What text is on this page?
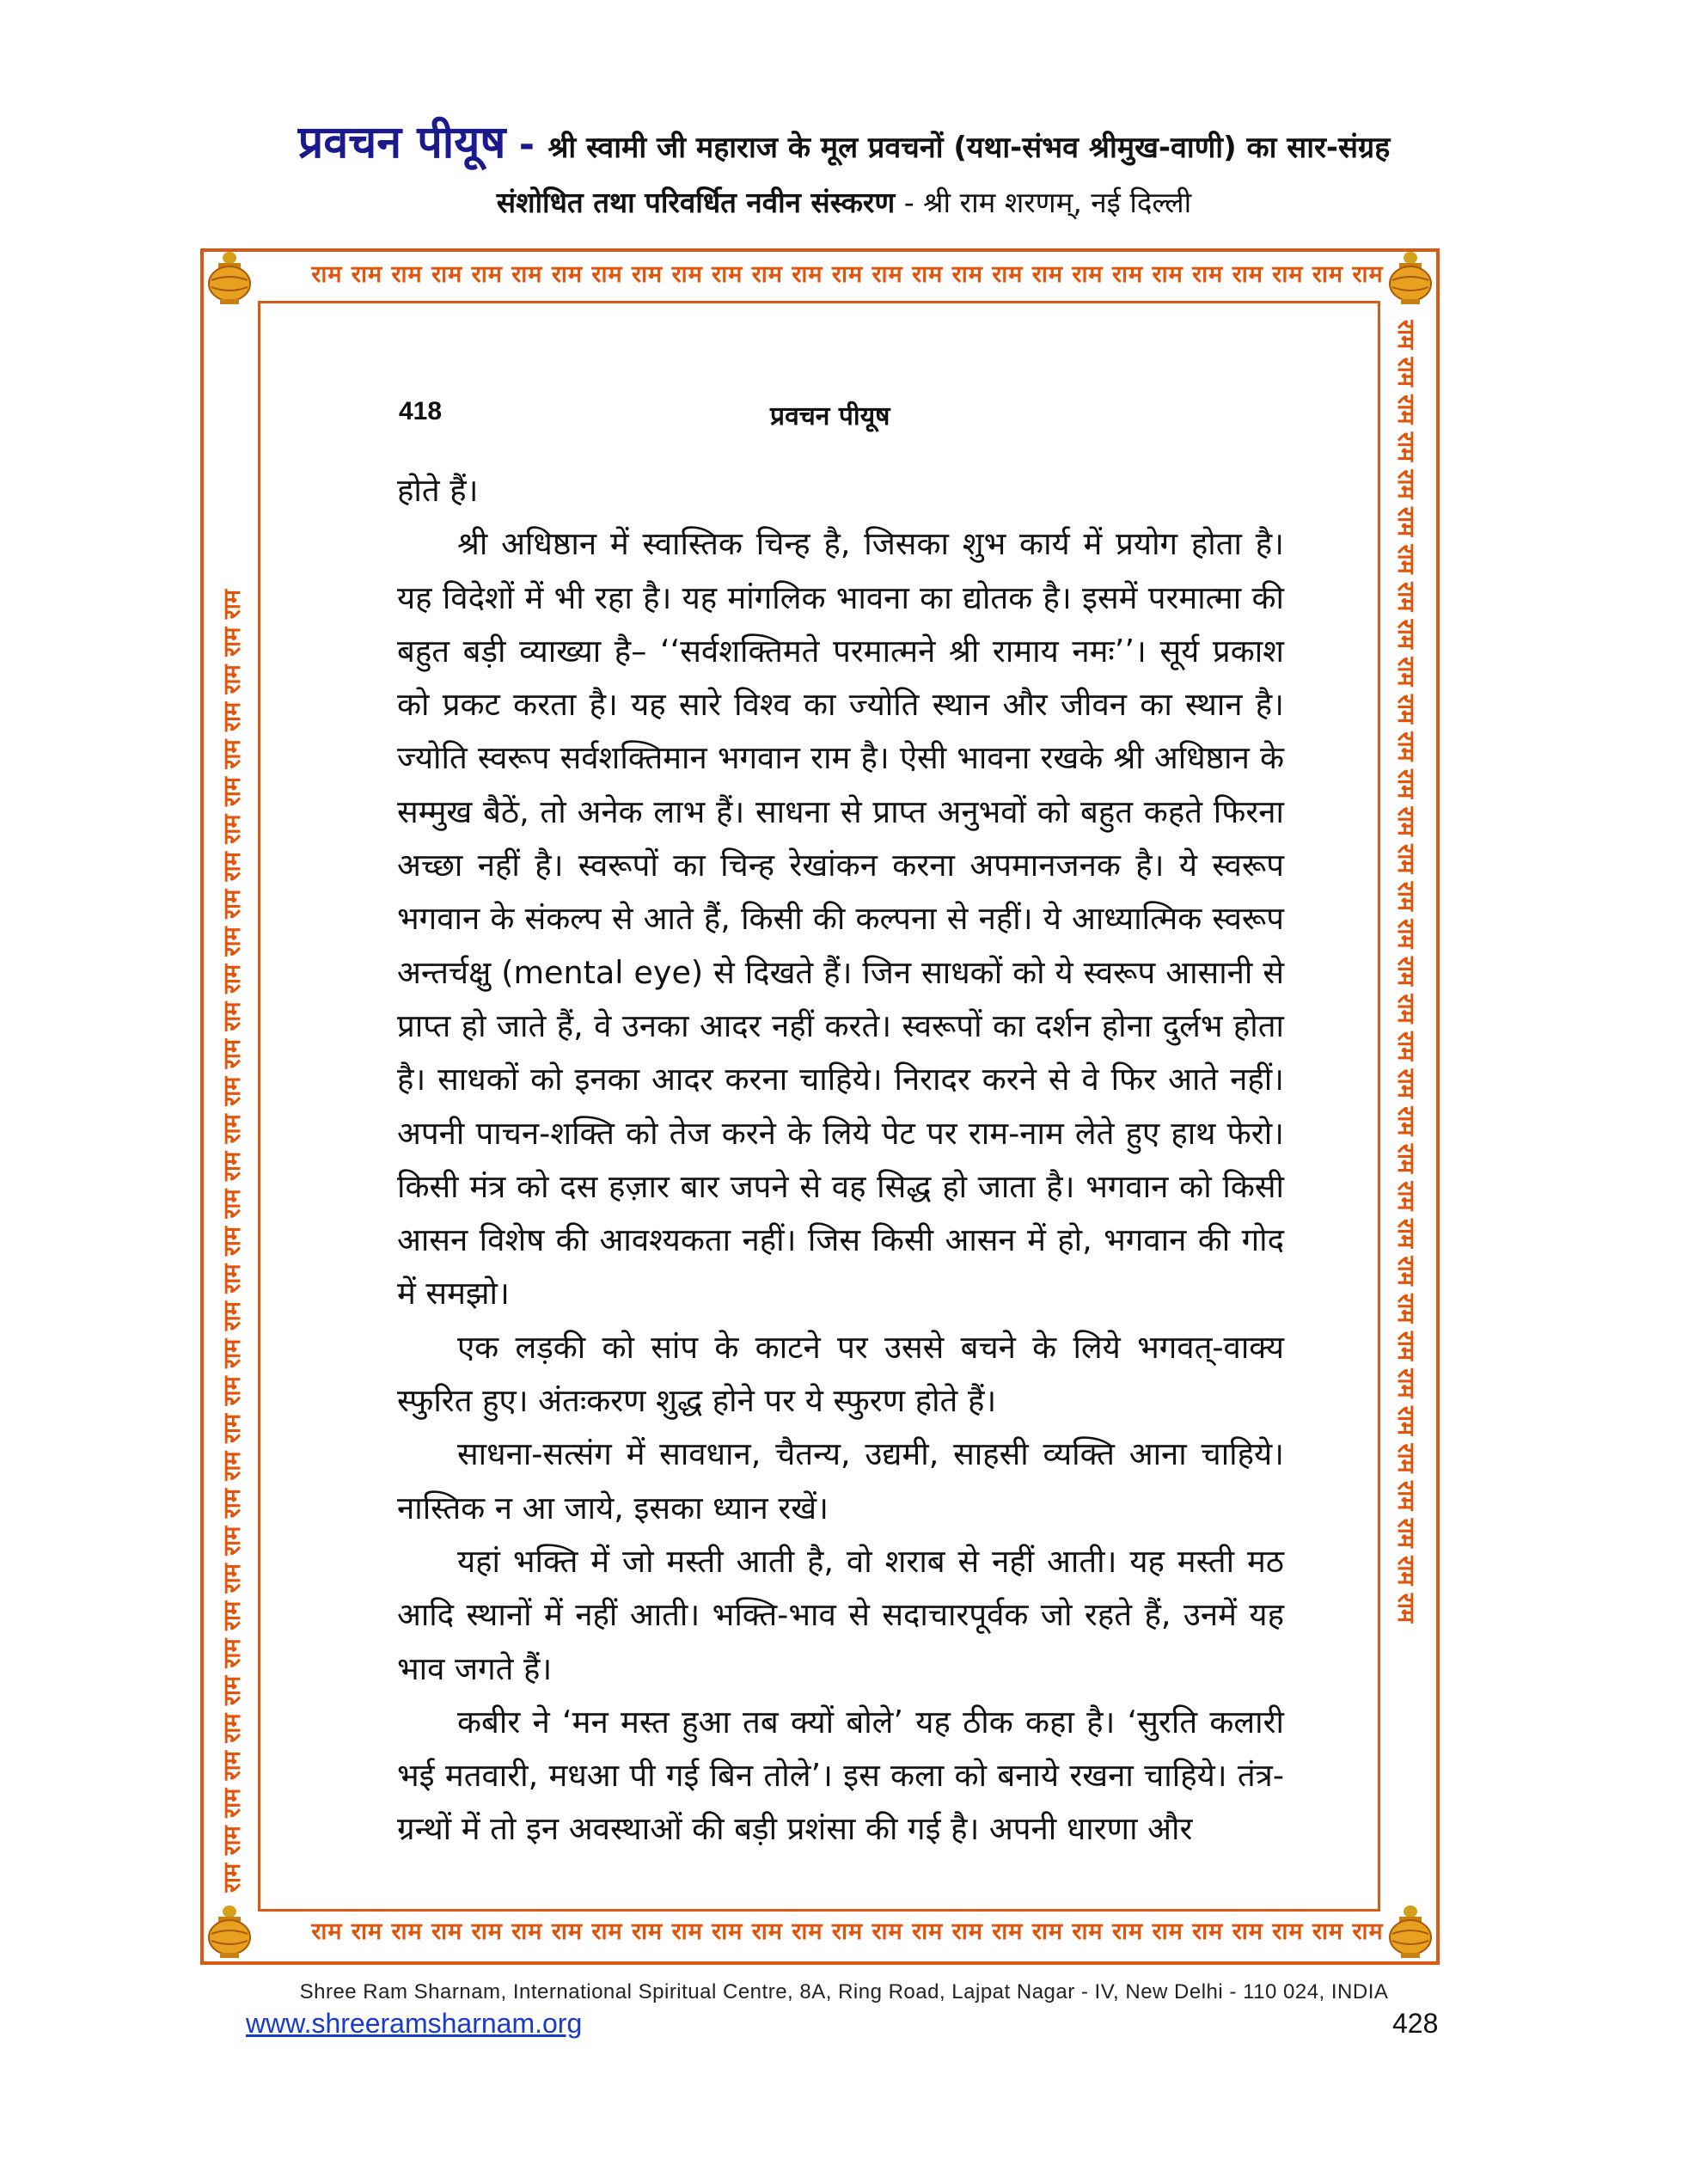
प्रवचन पीयूष - श्री स्वामी जी महाराज के मूल प्रवचनों (यथा-संभव श्रीमुख-वाणी) का सार-संग्रह
संशोधित तथा परिवर्धित नवीन संस्करण - श्री राम शरणम्, नई दिल्ली
राम राम राम राम राम राम राम राम राम राम राम राम राम राम राम राम राम राम राम राम राम राम राम राम राम राम राम
राम राम राम राम राम राम राम राम राम राम राम राम राम राम राम राम राम राम राम राम राम राम राम राम राम राम राम
राम राम राम राम राम राम राम राम राम राम राम राम राम राम राम राम राम राम राम राम राम राम राम राम राम राम राम राम राम राम राम राम राम राम राम	राम राम राम राम राम राम राम राम राम राम राम राम राम राम राम राम राम राम राम राम राम राम राम राम राम राम राम राम राम राम राम राम राम राम राम
418	प्रवचन पीयूष

होते हैं।

श्री अधिष्ठान में स्वास्तिक चिन्ह है, जिसका शुभ कार्य में प्रयोग होता है। यह विदेशों में भी रहा है। यह मांगलिक भावना का द्योतक है। इसमें परमात्मा की बहुत बड़ी व्याख्या है– ‘‘सर्वशक्तिमते परमात्मने श्री रामाय नमः’’। सूर्य प्रकाश को प्रकट करता है। यह सारे विश्व का ज्योति स्थान और जीवन का स्थान है। ज्योति स्वरूप सर्वशक्तिमान भगवान राम है। ऐसी भावना रखके श्री अधिष्ठान के सम्मुख बैठें, तो अनेक लाभ हैं। साधना से प्राप्त अनुभवों को बहुत कहते फिरना अच्छा नहीं है। स्वरूपों का चिन्ह रेखांकन करना अपमानजनक है। ये स्वरूप भगवान के संकल्प से आते हैं, किसी की कल्पना से नहीं। ये आध्यात्मिक स्वरूप अन्तर्चक्षु (mental eye) से दिखते हैं। जिन साधकों को ये स्वरूप आसानी से प्राप्त हो जाते हैं, वे उनका आदर नहीं करते। स्वरूपों का दर्शन होना दुर्लभ होता है। साधकों को इनका आदर करना चाहिये। निरादर करने से वे फिर आते नहीं। अपनी पाचन-शक्ति को तेज करने के लिये पेट पर राम-नाम लेते हुए हाथ फेरो। किसी मंत्र को दस हज़ार बार जपने से वह सिद्ध हो जाता है। भगवान को किसी आसन विशेष की आवश्यकता नहीं। जिस किसी आसन में हो, भगवान की गोद में समझो।

एक लड़की को सांप के काटने पर उससे बचने के लिये भगवत्-वाक्य स्फुरित हुए। अंतःकरण शुद्ध होने पर ये स्फुरण होते हैं।

साधना-सत्संग में सावधान, चैतन्य, उद्यमी, साहसी व्यक्ति आना चाहिये। नास्तिक न आ जाये, इसका ध्यान रखें।

यहां भक्ति में जो मस्ती आती है, वो शराब से नहीं आती। यह मस्ती मठ आदि स्थानों में नहीं आती। भक्ति-भाव से सदाचारपूर्वक जो रहते हैं, उनमें यह भाव जगते हैं।

कबीर ने ‘मन मस्त हुआ तब क्यों बोले’ यह ठीक कहा है। ‘सुरति कलारी भई मतवारी, मधआ पी गई बिन तोले’। इस कला को बनाये रखना चाहिये। तंत्र-ग्रन्थों में तो इन अवस्थाओं की बड़ी प्रशंसा की गई है। अपनी धारणा और

Shree Ram Sharnam, International Spiritual Centre, 8A, Ring Road, Lajpat Nagar - IV, New Delhi - 110 024, INDIA
www.shreeramsharnam.org	428
